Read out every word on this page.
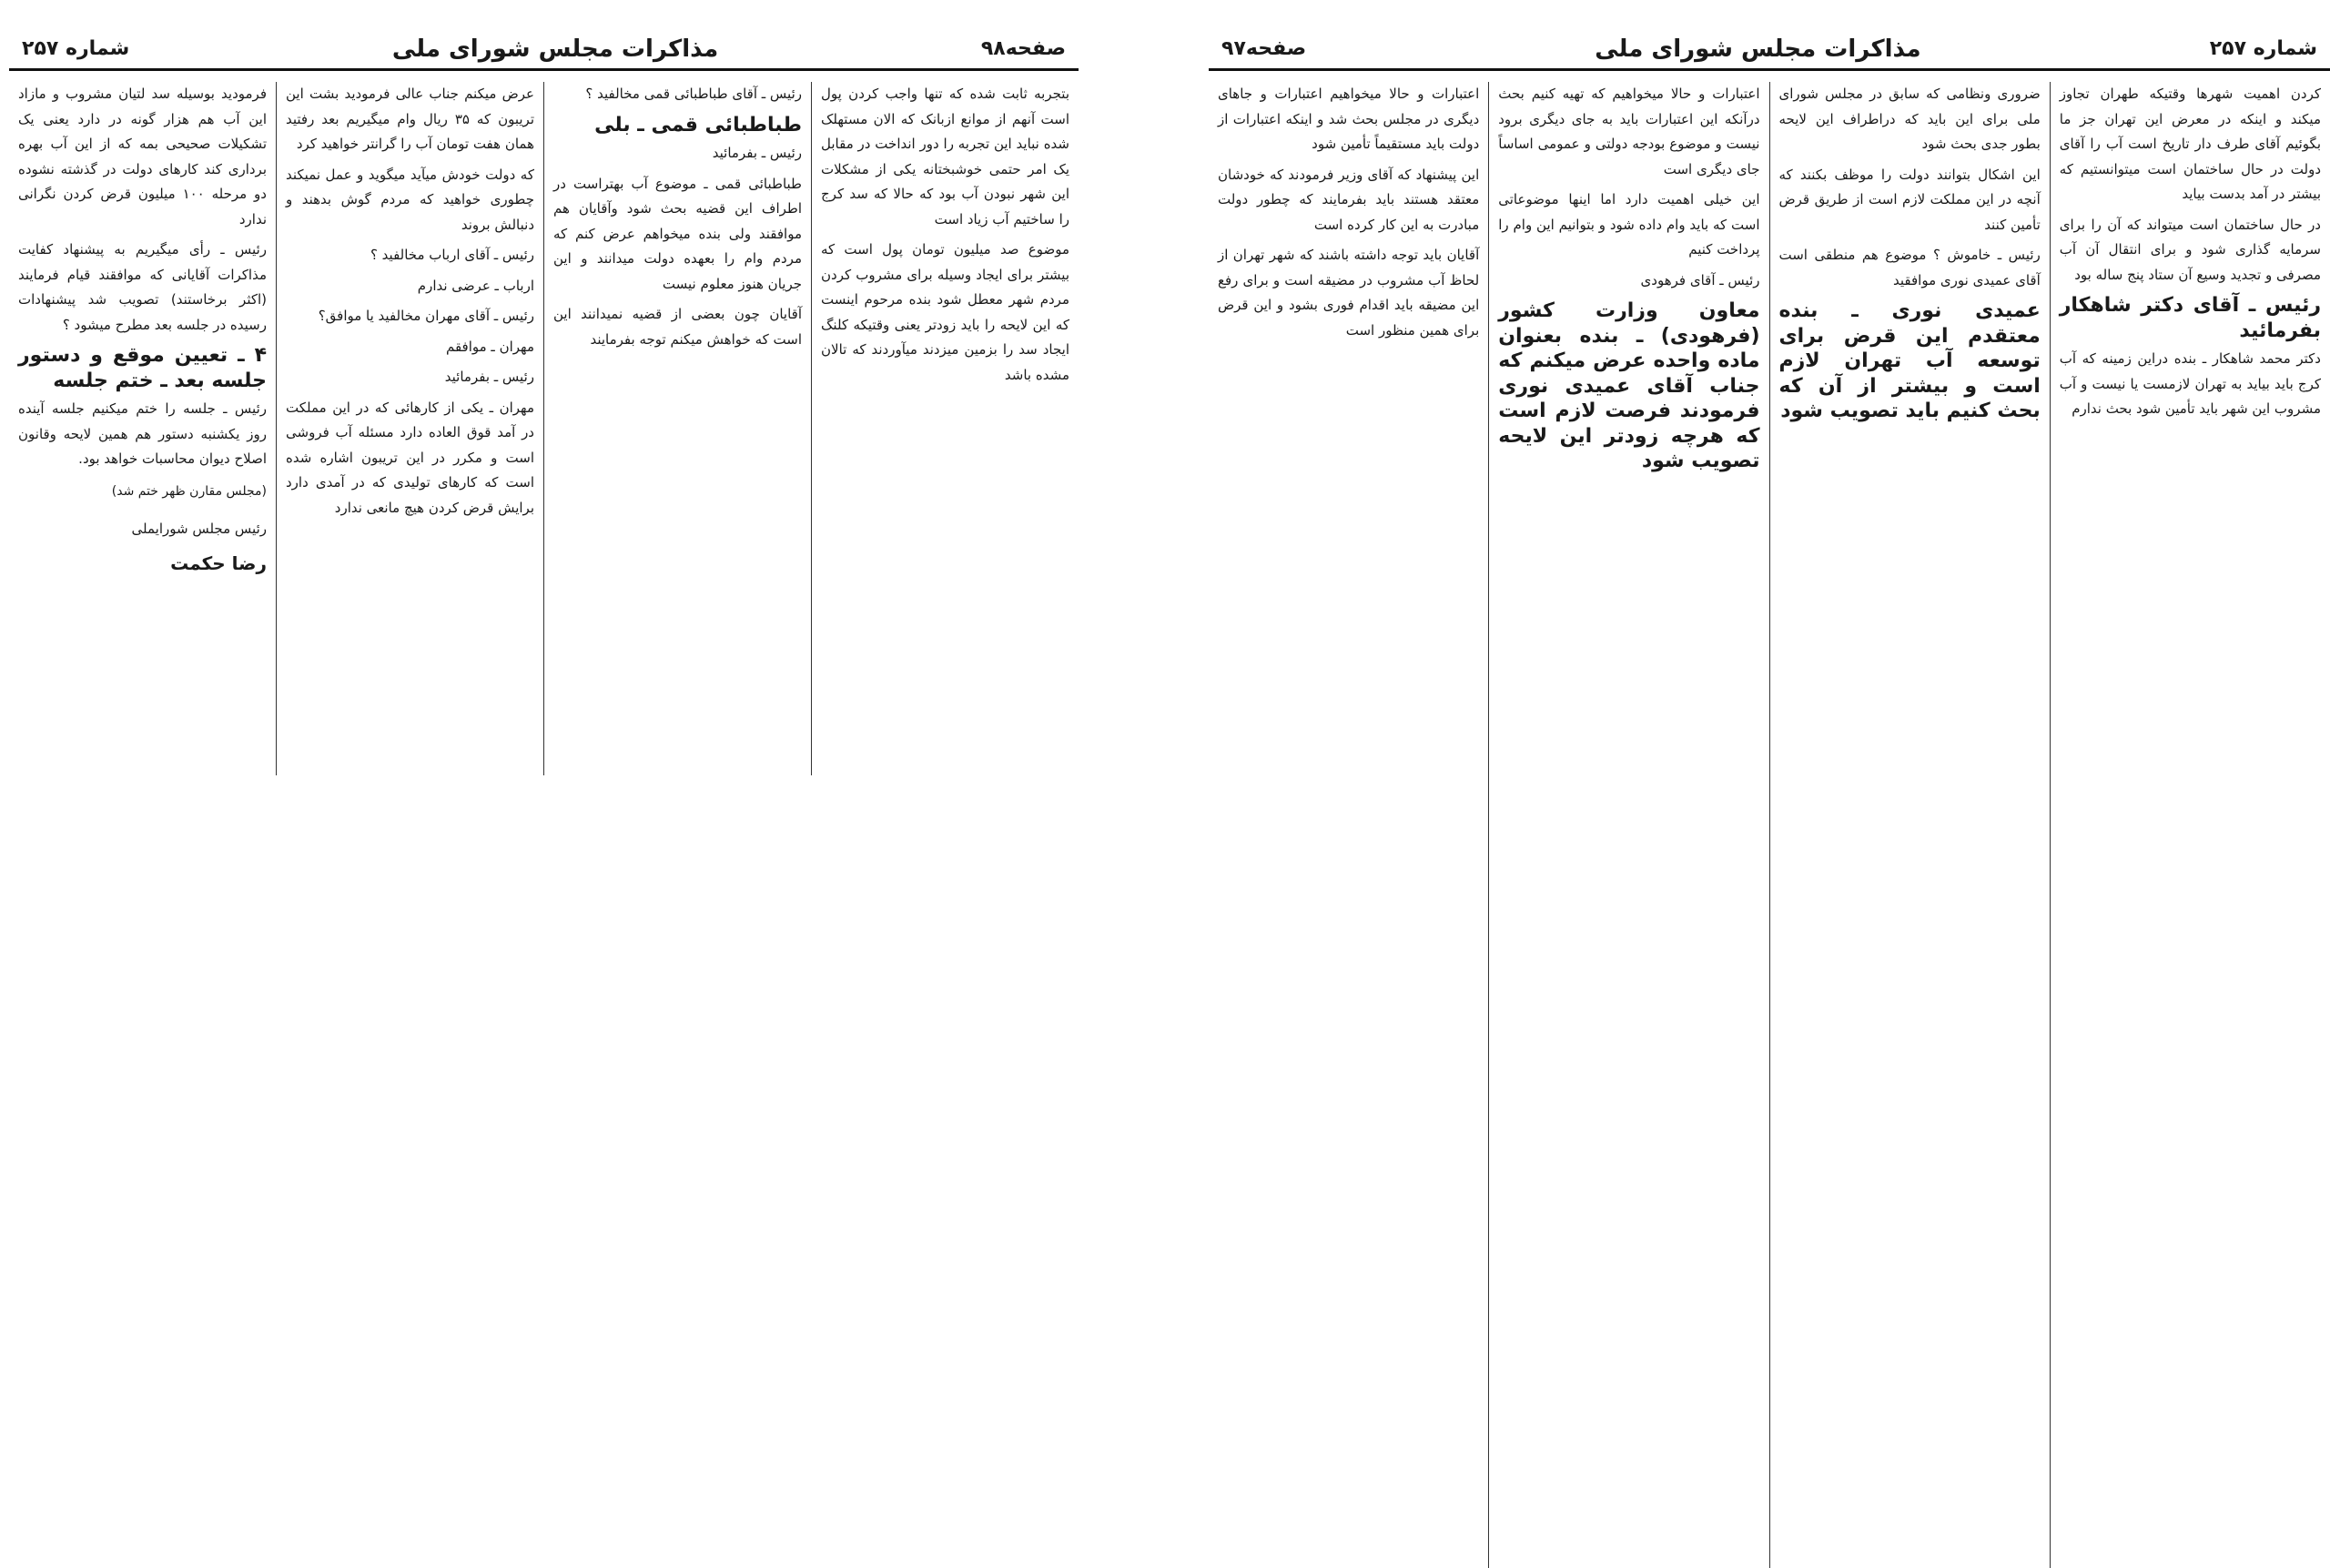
صفحه۹۸
مذاکرات مجلس شورای ملی
شماره ۲۵۷

بتجربه ثابت شده که تنها واجب کردن پول است آنهم از موانع ازبانک که الان مستهلک شده نباید این تجربه را دور انداخت در مقابل یک امر حتمی خوشبختانه یکی از مشکلات این شهر نبودن آب بود که حالا که سد کرج را ساختیم آب زیاد است

موضوع صد میلیون تومان پول است که بیشتر برای ایجاد وسیله برای مشروب کردن مردم شهر معطل شود بنده مرحوم اینست که این لایحه را باید زودتر یعنی وقتیکه کلنگ ایجاد سد را بزمین میزدند میآوردند که تالان مشده باشد

رئیس ـ آقای طباطبائی قمی مخالفید ؟

طباطبائی قمی ـ بلی

رئیس ـ بفرمائید

طباطبائی قمی ـ موضوع آب بهتراست در اطراف این قضیه بحث شود وآقایان هم موافقند ولی بنده میخواهم عرض کنم که مردم وام را بعهده دولت میدانند و این جریان هنوز معلوم نیست

آقایان چون بعضی از قضیه نمیدانند این است که خواهش میکنم توجه بفرمایند

عرض میکنم جناب عالی فرمودید بشت این تریبون که ۳۵ ریال وام میگیریم بعد رفتید همان هفت تومان آب را گرانتر خواهید کرد

که دولت خودش میآید میگوید و عمل نمیکند چطوری خواهید که مردم گوش بدهند و دنبالش بروند

رئیس ـ آقای ارباب مخالفید ؟

ارباب ـ عرضی ندارم

رئیس ـ آقای مهران مخالفید یا موافق؟

مهران ـ موافقم

رئیس ـ بفرمائید

مهران ـ یکی از کارهائی که در این مملکت در آمد قوق العاده دارد مسئله آب فروشی است و مکرر در این تریبون اشاره شده است که کارهای تولیدی که در آمدی دارد برایش قرض کردن هیچ مانعی ندارد

فرمودید بوسیله سد لتیان مشروب و مازاد این آب هم هزار گونه در دارد یعنی یک تشکیلات صحیحی بمه که از این آب بهره برداری کند کارهای دولت در گذشته نشوده دو مرحله ۱۰۰ میلیون قرض کردن نگرانی ندارد

رئیس ـ رأی میگیریم به پیشنهاد کفایت مذاکرات آقایانی که موافقند قیام فرمایند (اکثر برخاستند) تصویب شد پیشنهادات رسیده در جلسه بعد مطرح میشود ؟

۴ ـ تعیین موقع و دستور جلسه بعد ـ ختم جلسه

رئیس ـ جلسه را ختم میکنیم جلسه آینده روز یکشنبه دستور هم همین لایحه وقانون اصلاح دیوان محاسبات خواهد بود.

(مجلس مقارن ظهر ختم شد)

رئیس مجلس شورایملی

رضا حکمت

شماره ۲۵۷
مذاکرات مجلس شورای ملی
صفحه۹۷

کردن اهمیت شهرها وقتیکه طهران تجاوز میکند و اینکه در معرض این تهران جز ما بگوئیم آقای طرف دار تاریخ است آب را آقای دولت در حال ساختمان است میتوانستیم که بیشتر در آمد بدست بیاید

در حال ساختمان است میتواند که آن را برای سرمایه گذاری شود و برای انتقال آن آب مصرفی و تجدید وسیع آن ستاد پنج ساله بود

رئیس ـ آقای دکتر شاهکار بفرمائید

دکتر محمد شاهکار ـ بنده دراین زمینه که آب کرج باید بیاید به تهران لازمست یا نیست و آب مشروب این شهر باید تأمین شود بحث ندارم

ضروری ونظامی که سابق در مجلس شورای ملی برای این باید که دراطراف این لایحه بطور جدی بحث شود

این اشکال بتوانند دولت را موظف بکنند که آنچه در این مملکت لازم است از طریق قرض تأمین کنند

رئیس ـ خاموش ؟ موضوع هم منطقی است آقای عمیدی نوری موافقید

عمیدی نوری ـ بنده معتقدم این قرض برای توسعه آب تهران لازم است و بیشتر از آن که بحث کنیم باید تصویب شود

اعتبارات و حالا میخواهیم که تهیه کنیم بحث درآنکه این اعتبارات باید به جای دیگری برود نیست و موضوع بودجه دولتی و عمومی اساساً جای دیگری است

این خیلی اهمیت دارد اما اینها موضوعاتی است که باید وام داده شود و بتوانیم این وام را پرداخت کنیم

رئیس ـ آقای فرهودی

معاون وزارت کشور (فرهودی) ـ بنده بعنوان ماده واحده عرض میکنم که جناب آقای عمیدی نوری فرمودند فرصت لازم است که هرچه زودتر این لایحه تصویب شود

اعتبارات و حالا میخواهیم اعتبارات و جاهای دیگری در مجلس بحث شد و اینکه اعتبارات از دولت باید مستقیماً تأمین شود

این پیشنهاد که آقای وزیر فرمودند که خودشان معتقد هستند باید بفرمایند که چطور دولت مبادرت به این کار کرده است

آقایان باید توجه داشته باشند که شهر تهران از لحاظ آب مشروب در مضیقه است و برای رفع این مضیقه باید اقدام فوری بشود و این قرض برای همین منظور است
